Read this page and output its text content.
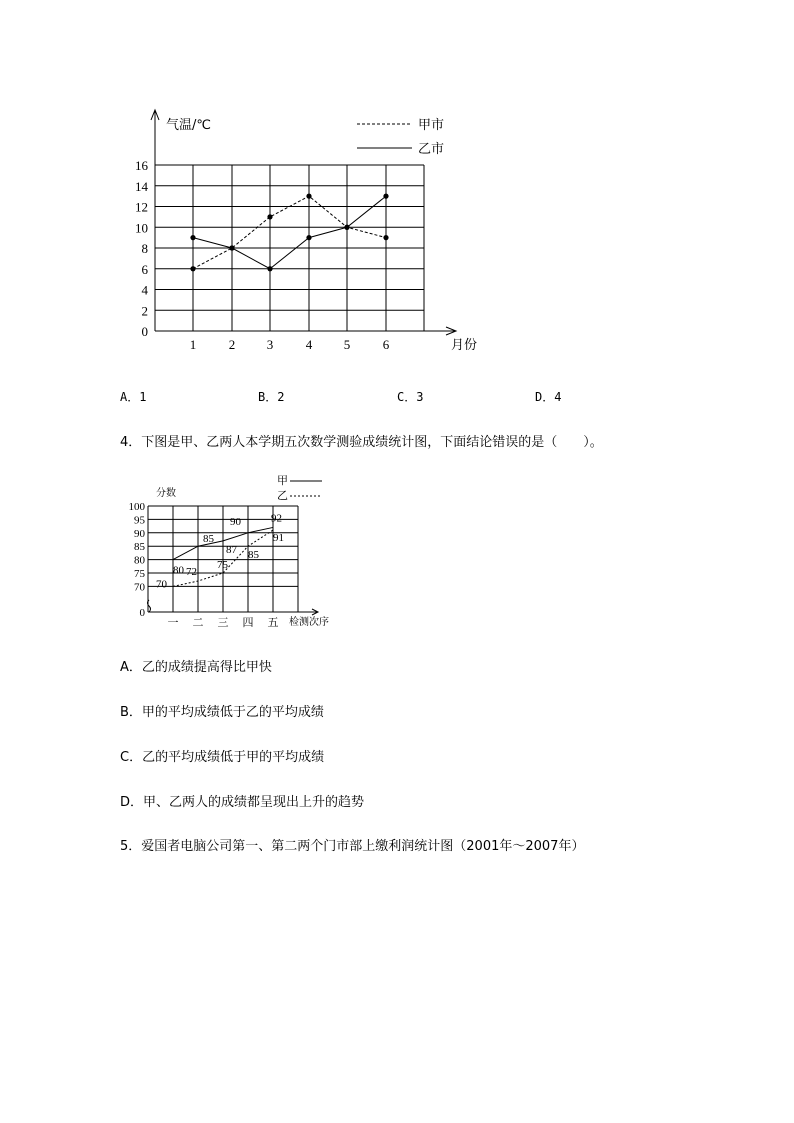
0
2
4
6
8
10
12
14
16
1	2 3	4 5	6
气温/℃
月份
甲市
乙市
A．1	B．2	C．3	D．4
4．下图是甲、乙两人本学期五次数学测验成绩统计图，下面结论错误的是（　　）。
0
70
75
80
85
90
95
100
一 二 三 四 五
80
85
87
90	92
70
72
75
85
91
分数
检测次序
甲
乙
A．乙的成绩提高得比甲快
B．甲的平均成绩低于乙的平均成绩
C．乙的平均成绩低于甲的平均成绩
D．甲、乙两人的成绩都呈现出上升的趋势
5．爱国者电脑公司第一、第二两个门市部上缴利润统计图（2001年～2007年）
